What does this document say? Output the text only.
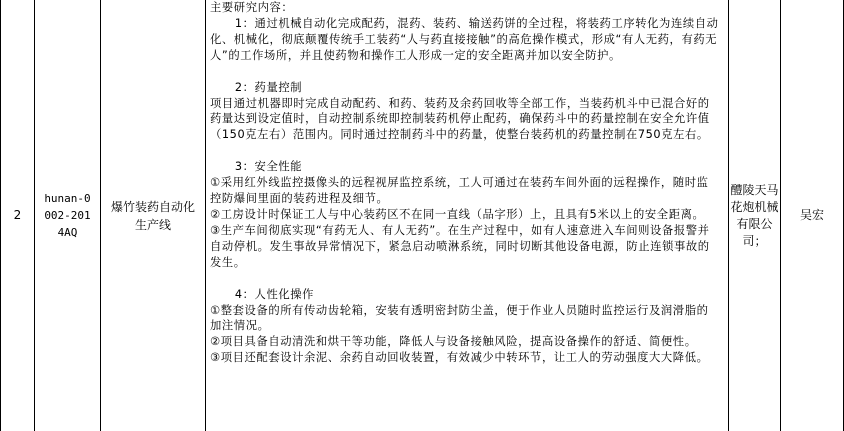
2
hunan-0002-2014AQ
爆竹装药自动化生产线

主要研究内容：

1：通过机械自动化完成配药，混药、装药、输送药饼的全过程，将装药工序转化为连续自动化、机械化，彻底颠覆传统手工装药“人与药直接接触”的高危操作模式，形成“有人无药，有药无人”的工作场所，并且使药物和操作工人形成一定的安全距离并加以安全防护。

2：药量控制

项目通过机器即时完成自动配药、和药、装药及余药回收等全部工作，当装药机斗中已混合好的药量达到设定值时，自动控制系统即控制装药机停止配药，确保药斗中的药量控制在安全允许值（150克左右）范围内。同时通过控制药斗中的药量，使整台装药机的药量控制在750克左右。

3：安全性能

①采用红外线监控摄像头的远程视屏监控系统，工人可通过在装药车间外面的远程操作，随时监控防爆间里面的装药进程及细节。

②工房设计时保证工人与中心装药区不在同一直线（品字形）上，且具有5米以上的安全距离。

③生产车间彻底实现“有药无人、有人无药”。在生产过程中，如有人速意进入车间则设备报警并自动停机。发生事故异常情况下，紧急启动喷淋系统，同时切断其他设备电源，防止连锁事故的发生。

4：人性化操作

①整套设备的所有传动齿轮箱，安装有透明密封防尘盖，便于作业人员随时监控运行及润滑脂的加注情况。

②项目具备自动清洗和烘干等功能，降低人与设备接触风险，提高设备操作的舒适、简便性。

③项目还配套设计余泥、余药自动回收装置，有效减少中转环节，让工人的劳动强度大大降低。

醴陵天马花炮机械有限公司；
吴宏
